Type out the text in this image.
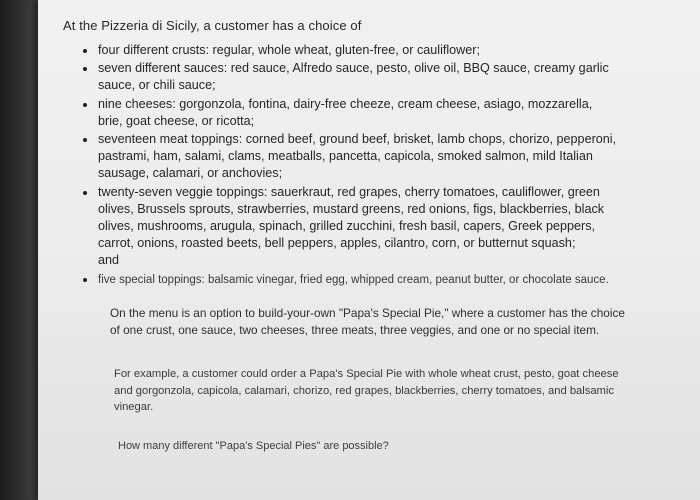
At the Pizzeria di Sicily, a customer has a choice of
four different crusts: regular, whole wheat, gluten-free, or cauliflower;
seven different sauces: red sauce, Alfredo sauce, pesto, olive oil, BBQ sauce, creamy garlic sauce, or chili sauce;
nine cheeses: gorgonzola, fontina, dairy-free cheeze, cream cheese, asiago, mozzarella, brie, goat cheese, or ricotta;
seventeen meat toppings: corned beef, ground beef, brisket, lamb chops, chorizo, pepperoni, pastrami, ham, salami, clams, meatballs, pancetta, capicola, smoked salmon, mild Italian sausage, calamari, or anchovies;
twenty-seven veggie toppings: sauerkraut, red grapes, cherry tomatoes, cauliflower, green olives, Brussels sprouts, strawberries, mustard greens, red onions, figs, blackberries, black olives, mushrooms, arugula, spinach, grilled zucchini, fresh basil, capers, Greek peppers, carrot, onions, roasted beets, bell peppers, apples, cilantro, corn, or butternut squash;
and
five special toppings: balsamic vinegar, fried egg, whipped cream, peanut butter, or chocolate sauce.
On the menu is an option to build-your-own "Papa's Special Pie," where a customer has the choice of one crust, one sauce, two cheeses, three meats, three veggies, and one or no special item.
For example, a customer could order a Papa's Special Pie with whole wheat crust, pesto, goat cheese and gorgonzola, capicola, calamari, chorizo, red grapes, blackberries, cherry tomatoes, and balsamic vinegar.
How many different "Papa's Special Pies" are possible?
